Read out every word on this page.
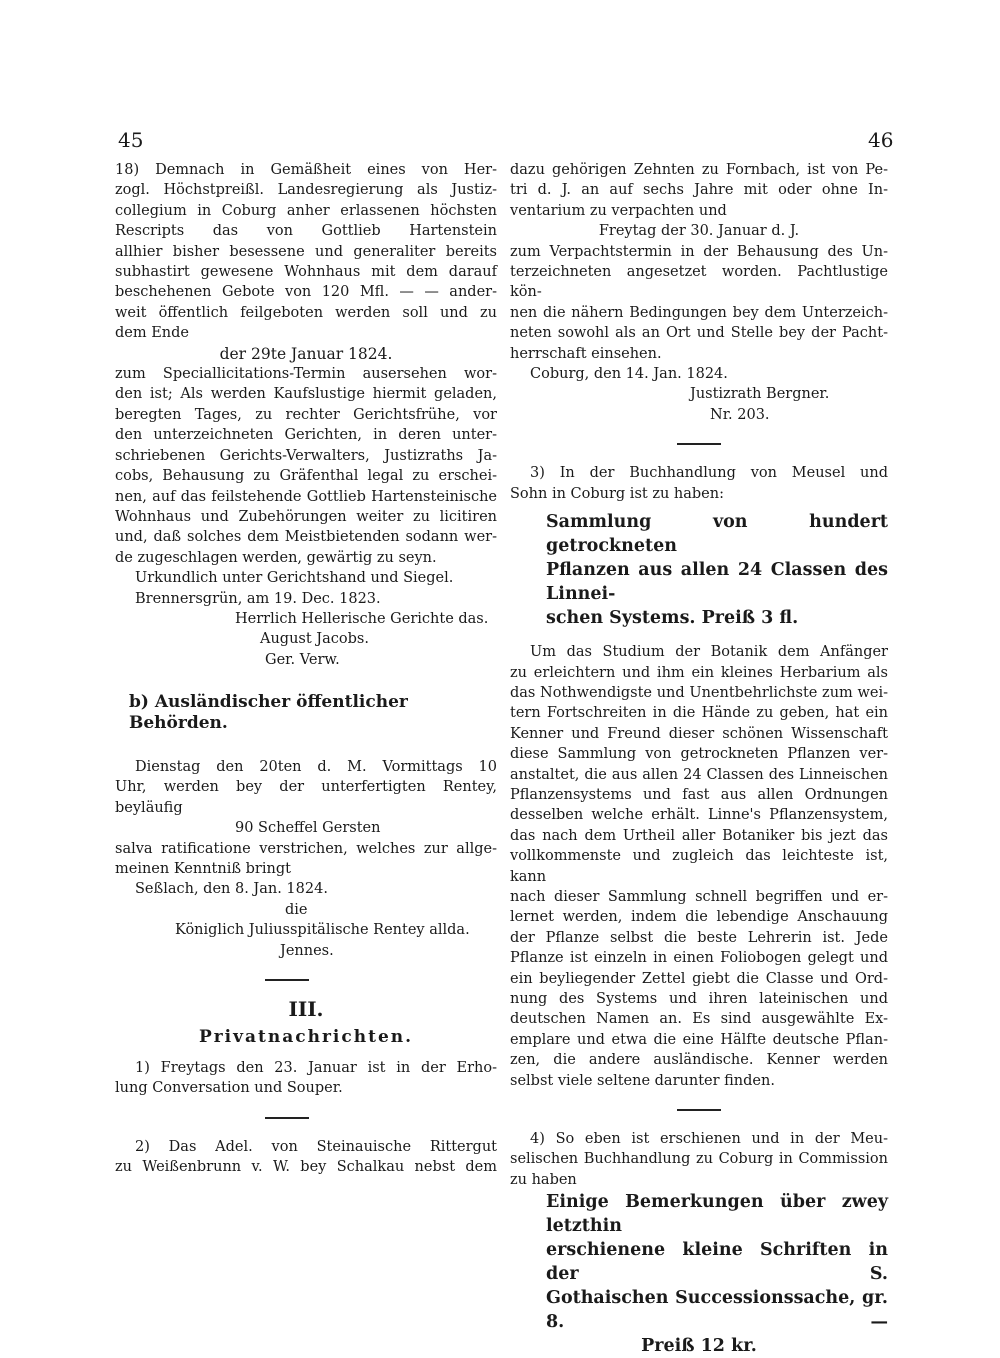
45	46

18) Demnach in Gemäßheit eines von Her-

zogl. Höchstpreißl. Landesregierung als Justiz-

collegium in Coburg anher erlassenen höchsten

Rescripts das von Gottlieb Hartenstein

allhier bisher besessene und generaliter bereits

subhastirt gewesene Wohnhaus mit dem darauf

beschehenen Gebote von 120 Mfl. — — ander-

weit öffentlich feilgeboten werden soll und zu

dem Ende

der 29te Januar 1824.

zum Speciallicitations-Termin ausersehen wor-

den ist; Als werden Kaufslustige hiermit geladen,

beregten Tages, zu rechter Gerichtsfrühe, vor

den unterzeichneten Gerichten, in deren unter-

schriebenen Gerichts-Verwalters, Justizraths Ja-

cobs, Behausung zu Gräfenthal legal zu erschei-

nen, auf das feilstehende Gottlieb Hartensteinische

Wohnhaus und Zubehörungen weiter zu licitiren

und, daß solches dem Meistbietenden sodann wer-

de zugeschlagen werden, gewärtig zu seyn.

Urkundlich unter Gerichtshand und Siegel.

Brennersgrün, am 19. Dec. 1823.

Herrlich Hellerische Gerichte das.

August Jacobs.

Ger. Verw.

b) Ausländischer öffentlicher Behörden.

Dienstag den 20ten d. M. Vormittags 10

Uhr, werden bey der unterfertigten Rentey,

beyläufig

90 Scheffel Gersten

salva ratificatione verstrichen, welches zur allge-

meinen Kenntniß bringt

Seßlach, den 8. Jan. 1824.

die

Königlich Juliusspitälische Rentey allda.

Jennes.

III.

Privatnachrichten.

1) Freytags den 23. Januar ist in der Erho-

lung Conversation und Souper.

2) Das Adel. von Steinauische Rittergut

zu Weißenbrunn v. W. bey Schalkau nebst dem

dazu gehörigen Zehnten zu Fornbach, ist von Pe-

tri d. J. an auf sechs Jahre mit oder ohne In-

ventarium zu verpachten und

Freytag der 30. Januar d. J.

zum Verpachtstermin in der Behausung des Un-

terzeichneten angesetzet worden. Pachtlustige kön-

nen die nähern Bedingungen bey dem Unterzeich-

neten sowohl als an Ort und Stelle bey der Pacht-

herrschaft einsehen.

Coburg, den 14. Jan. 1824.

Justizrath Bergner.

Nr. 203.

3) In der Buchhandlung von Meusel und

Sohn in Coburg ist zu haben:

Sammlung von hundert getrockneten

Pflanzen aus allen 24 Classen des Linnei-

schen Systems. Preiß 3 fl.

Um das Studium der Botanik dem Anfänger

zu erleichtern und ihm ein kleines Herbarium als

das Nothwendigste und Unentbehrlichste zum wei-

tern Fortschreiten in die Hände zu geben, hat ein

Kenner und Freund dieser schönen Wissenschaft

diese Sammlung von getrockneten Pflanzen ver-

anstaltet, die aus allen 24 Classen des Linneischen

Pflanzensystems und fast aus allen Ordnungen

desselben welche erhält. Linne's Pflanzensystem,

das nach dem Urtheil aller Botaniker bis jezt das

vollkommenste und zugleich das leichteste ist, kann

nach dieser Sammlung schnell begriffen und er-

lernet werden, indem die lebendige Anschauung

der Pflanze selbst die beste Lehrerin ist. Jede

Pflanze ist einzeln in einen Foliobogen gelegt und

ein beyliegender Zettel giebt die Classe und Ord-

nung des Systems und ihren lateinischen und

deutschen Namen an. Es sind ausgewählte Ex-

emplare und etwa die eine Hälfte deutsche Pflan-

zen, die andere ausländische. Kenner werden

selbst viele seltene darunter finden.

4) So eben ist erschienen und in der Meu-

selischen Buchhandlung zu Coburg in Commission

zu haben

Einige Bemerkungen über zwey letzthin

erschienene kleine Schriften in der S.

Gothaischen Successionssache, gr. 8. —

Preiß 12 kr.
